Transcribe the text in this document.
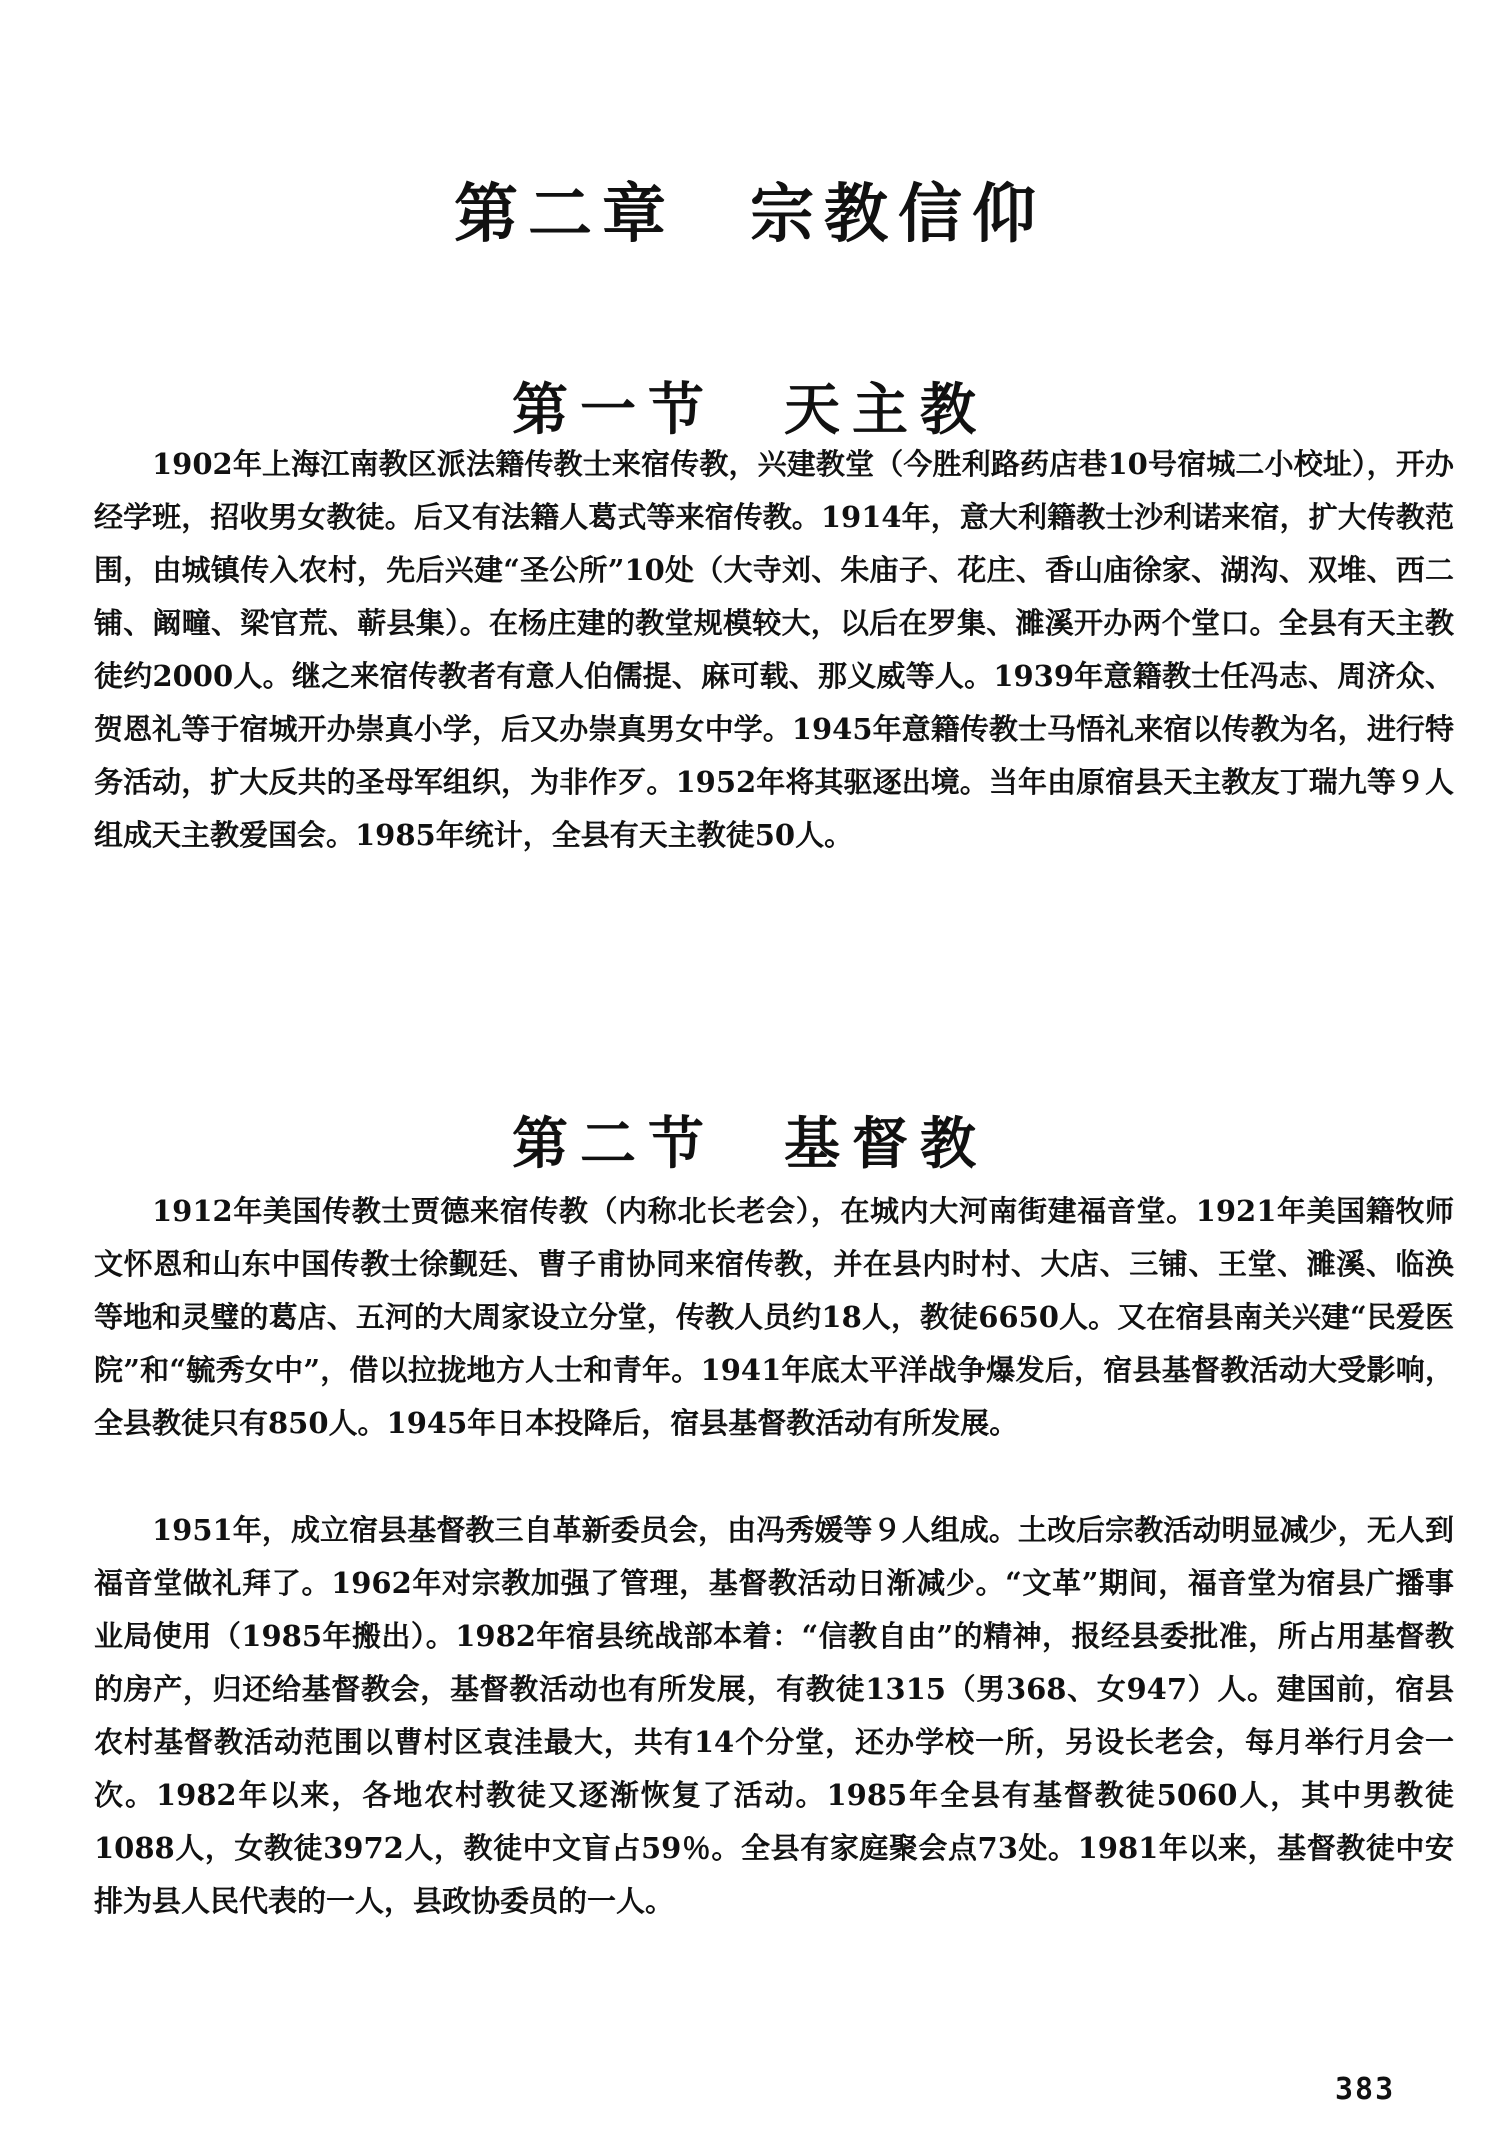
第二章　宗教信仰
第一节　天主教

1902年上海江南教区派法籍传教士来宿传教，兴建教堂（今胜利路药店巷10号宿城二小校址），开办经学班，招收男女教徒。后又有法籍人葛式等来宿传教。1914年，意大利籍教士沙利诺来宿，扩大传教范围，由城镇传入农村，先后兴建“圣公所”10处（大寺刘、朱庙子、花庄、香山庙徐家、湖沟、双堆、西二铺、阚疃、梁官荒、蕲县集）。在杨庄建的教堂规模较大，以后在罗集、濉溪开办两个堂口。全县有天主教徒约2000人。继之来宿传教者有意人伯儒提、麻可载、那义威等人。1939年意籍教士任冯志、周济众、贺恩礼等于宿城开办崇真小学，后又办崇真男女中学。1945年意籍传教士马悟礼来宿以传教为名，进行特务活动，扩大反共的圣母军组织，为非作歹。1952年将其驱逐出境。当年由原宿县天主教友丁瑞九等９人组成天主教爱国会。1985年统计，全县有天主教徒50人。

第二节　基督教

1912年美国传教士贾德来宿传教（内称北长老会），在城内大河南街建福音堂。1921年美国籍牧师文怀恩和山东中国传教士徐觐廷、曹子甫协同来宿传教，并在县内时村、大店、三铺、王堂、濉溪、临涣等地和灵璧的葛店、五河的大周家设立分堂，传教人员约18人，教徒6650人。又在宿县南关兴建“民爱医院”和“毓秀女中”，借以拉拢地方人士和青年。1941年底太平洋战争爆发后，宿县基督教活动大受影响，全县教徒只有850人。1945年日本投降后，宿县基督教活动有所发展。

1951年，成立宿县基督教三自革新委员会，由冯秀媛等９人组成。土改后宗教活动明显减少，无人到福音堂做礼拜了。1962年对宗教加强了管理，基督教活动日渐减少。“文革”期间，福音堂为宿县广播事业局使用（1985年搬出）。1982年宿县统战部本着：“信教自由”的精神，报经县委批准，所占用基督教的房产，归还给基督教会，基督教活动也有所发展，有教徒1315（男368、女947）人。建国前，宿县农村基督教活动范围以曹村区袁洼最大，共有14个分堂，还办学校一所，另设长老会，每月举行月会一次。1982年以来，各地农村教徒又逐渐恢复了活动。1985年全县有基督教徒5060人，其中男教徒1088人，女教徒3972人，教徒中文盲占59％。全县有家庭聚会点73处。1981年以来，基督教徒中安排为县人民代表的一人，县政协委员的一人。

383
